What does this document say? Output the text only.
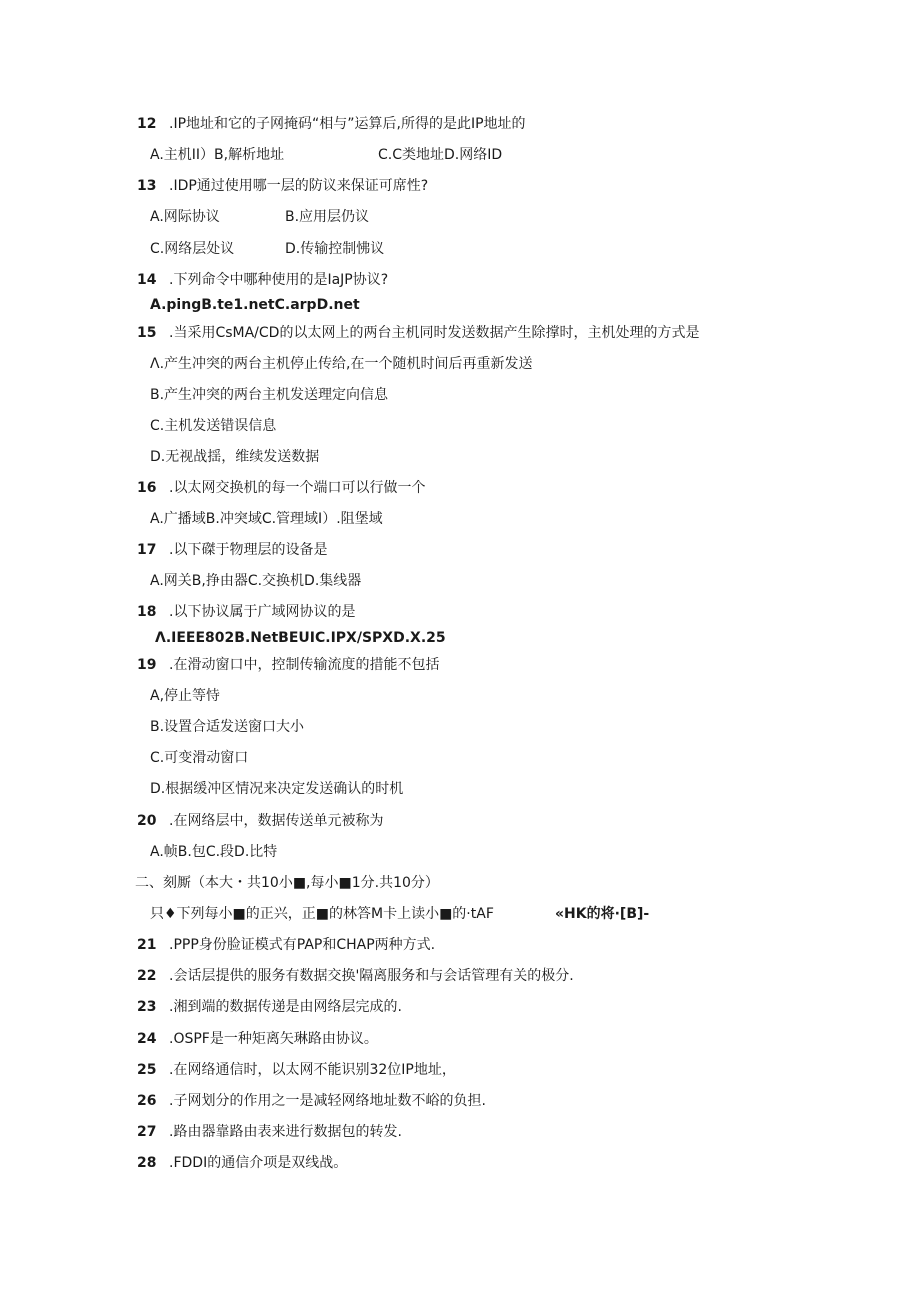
12 .IP地址和它的子网掩码“相与”运算后,所得的是此IP地址的
A.主机II）B,解析地址	C.C类地址D.网络ID
13 .IDP通过使用哪一层的防议来保证可席性?
A.网际协议	B.应用层仍议
C.网络层处议	D.传输控制怫议
14 .下列命令中哪种使用的是IaJP协议?
A.pingB.te1.netC.arpD.net
15 .当采用CsMA/CD的以太网上的两台主机同时发送数据产生除撑时，主机处理的方式是
Λ.产生冲突的两台主机停止传给,在一个随机时间后再重新发送
B.产生冲突的两台主机发送理定向信息
C.主机发送错误信息
D.无视战揺，维续发送数据
16 .以太网交换机的每一个端口可以行做一个
A.广播域B.冲突域C.管理域I）.阻堡域
17 .以下磔于物理层的设备是
A.网关B,挣由器C.交换机D.集线器
18 .以下协议属于广域网协议的是
Λ.IEEE802B.NetBEUIC.IPX/SPXD.X.25
19 .在滑动窗口中，控制传输流度的措能不包括
A,停止等恃
B.设置合适发送窗口大小
C.可变滑动窗口
D.根据缓冲区情况来决定发送确认的时机
20 .在网络层中，数据传送单元被称为
A.帧B.包C.段D.比特
二、刻厮（本大・共10小■,每小■1分.共10分）
只♦下列每小■的正兴，正■的林答M卡上读小■的·tAF	«HK的将·[B]-
21 .PPP身份脸证模式有PAP和CHAP两种方式.
22 .会话层提供的服务有数据交换'隔离服务和与会话管理有关的极分.
23 .湘到端的数据传递是由网络层完成的.
24 .OSPF是一种矩离矢琳路由协议。
25 .在网络通信时，以太网不能识别32位IP地址，
26 .子网划分的作用之一是减轻网络地址数不峪的负担.
27 .路由器靠路由表来进行数据包的转发.
28 .FDDI的通信介项是双线战。
